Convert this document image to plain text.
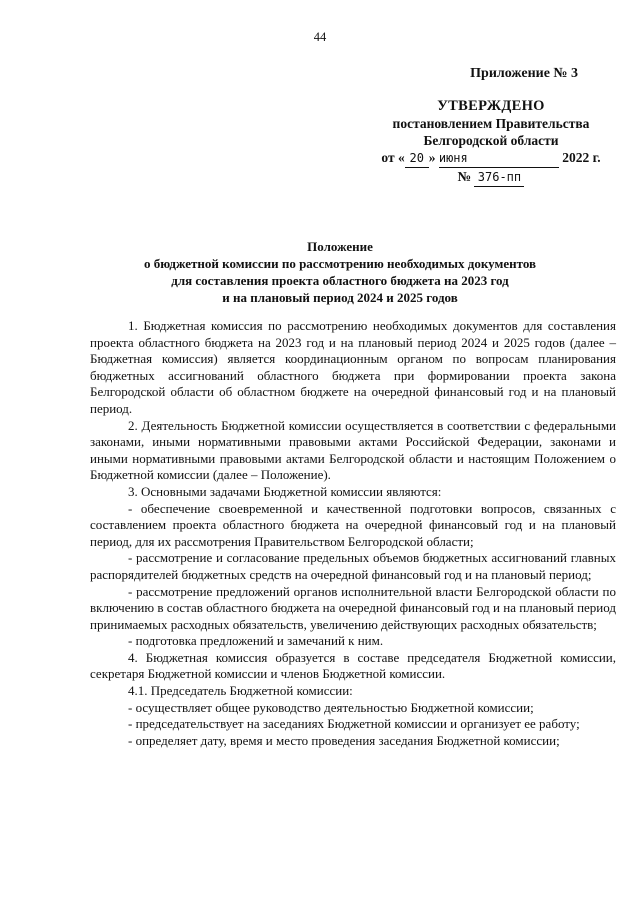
44
Приложение № 3
УТВЕРЖДЕНО
постановлением Правительства
Белгородской области
от « 20 » июня	2022 г.
№ 376-пп
Положение
о бюджетной комиссии по рассмотрению необходимых документов
для составления проекта областного бюджета на 2023 год
и на плановый период 2024 и 2025 годов

1. Бюджетная комиссия по рассмотрению необходимых документов для составления проекта областного бюджета на 2023 год и на плановый период 2024 и 2025 годов (далее – Бюджетная комиссия) является координационным органом по вопросам планирования бюджетных ассигнований областного бюджета при формировании проекта закона Белгородской области об областном бюджете на очередной финансовый год и на плановый период.

2. Деятельность Бюджетной комиссии осуществляется в соответствии с федеральными законами, иными нормативными правовыми актами Российской Федерации, законами и иными нормативными правовыми актами Белгородской области и настоящим Положением о Бюджетной комиссии (далее – Положение).

3. Основными задачами Бюджетной комиссии являются:

- обеспечение своевременной и качественной подготовки вопросов, связанных с составлением проекта областного бюджета на очередной финансовый год и на плановый период, для их рассмотрения Правительством Белгородской области;

- рассмотрение и согласование предельных объемов бюджетных ассигнований главных распорядителей бюджетных средств на очередной финансовый год и на плановый период;

- рассмотрение предложений органов исполнительной власти Белгородской области по включению в состав областного бюджета на очередной финансовый год и на плановый период принимаемых расходных обязательств, увеличению действующих расходных обязательств;

- подготовка предложений и замечаний к ним.

4. Бюджетная комиссия образуется в составе председателя Бюджетной комиссии, секретаря Бюджетной комиссии и членов Бюджетной комиссии.

4.1. Председатель Бюджетной комиссии:

- осуществляет общее руководство деятельностью Бюджетной комиссии;

- председательствует на заседаниях Бюджетной комиссии и организует ее работу;

- определяет дату, время и место проведения заседания Бюджетной комиссии;
